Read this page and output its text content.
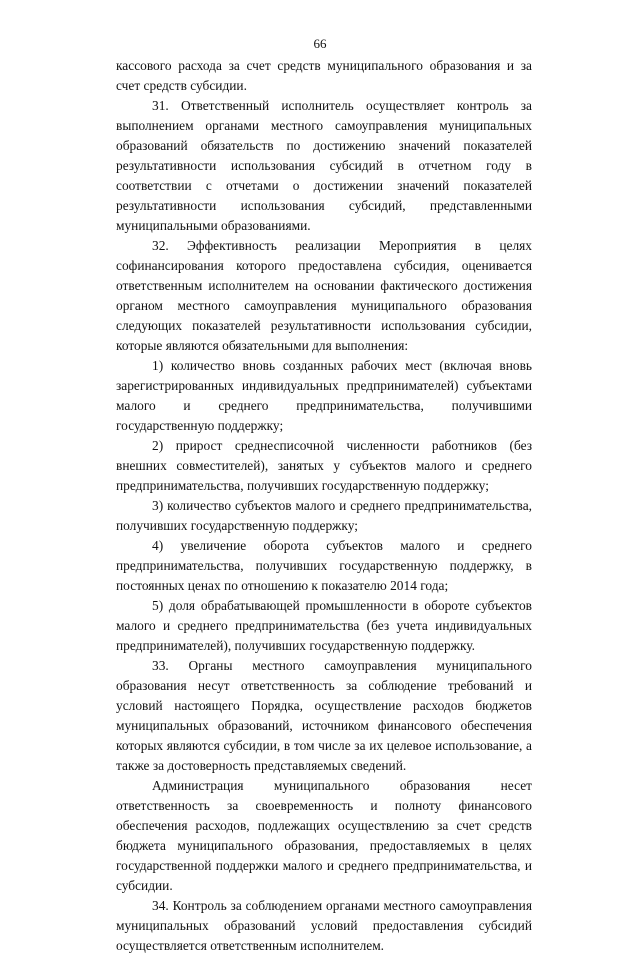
66

кассового расхода за счет средств муниципального образования и за счет средств субсидии.

31. Ответственный исполнитель осуществляет контроль за выполнением органами местного самоуправления муниципальных образований обязательств по достижению значений показателей результативности использования субсидий в отчетном году в соответствии с отчетами о достижении значений показателей результативности использования субсидий, представленными муниципальными образованиями.

32. Эффективность реализации Мероприятия в целях софинансирования которого предоставлена субсидия, оценивается ответственным исполнителем на основании фактического достижения органом местного самоуправления муниципального образования следующих показателей результативности использования субсидии, которые являются обязательными для выполнения:

1) количество вновь созданных рабочих мест (включая вновь зарегистрированных индивидуальных предпринимателей) субъектами малого и среднего предпринимательства, получившими государственную поддержку;

2) прирост среднесписочной численности работников (без внешних совместителей), занятых у субъектов малого и среднего предпринимательства, получивших государственную поддержку;

3) количество субъектов малого и среднего предпринимательства, получивших государственную поддержку;

4) увеличение оборота субъектов малого и среднего предпринимательства, получивших государственную поддержку, в постоянных ценах по отношению к показателю 2014 года;

5) доля обрабатывающей промышленности в обороте субъектов малого и среднего предпринимательства (без учета индивидуальных предпринимателей), получивших государственную поддержку.

33. Органы местного самоуправления муниципального образования несут ответственность за соблюдение требований и условий настоящего Порядка, осуществление расходов бюджетов муниципальных образований, источником финансового обеспечения которых являются субсидии, в том числе за их целевое использование, а также за достоверность представляемых сведений.

Администрация муниципального образования несет ответственность за своевременность и полноту финансового обеспечения расходов, подлежащих осуществлению за счет средств бюджета муниципального образования, предоставляемых в целях государственной поддержки малого и среднего предпринимательства, и субсидии.

34. Контроль за соблюдением органами местного самоуправления муниципальных образований условий предоставления субсидий осуществляется ответственным исполнителем.
